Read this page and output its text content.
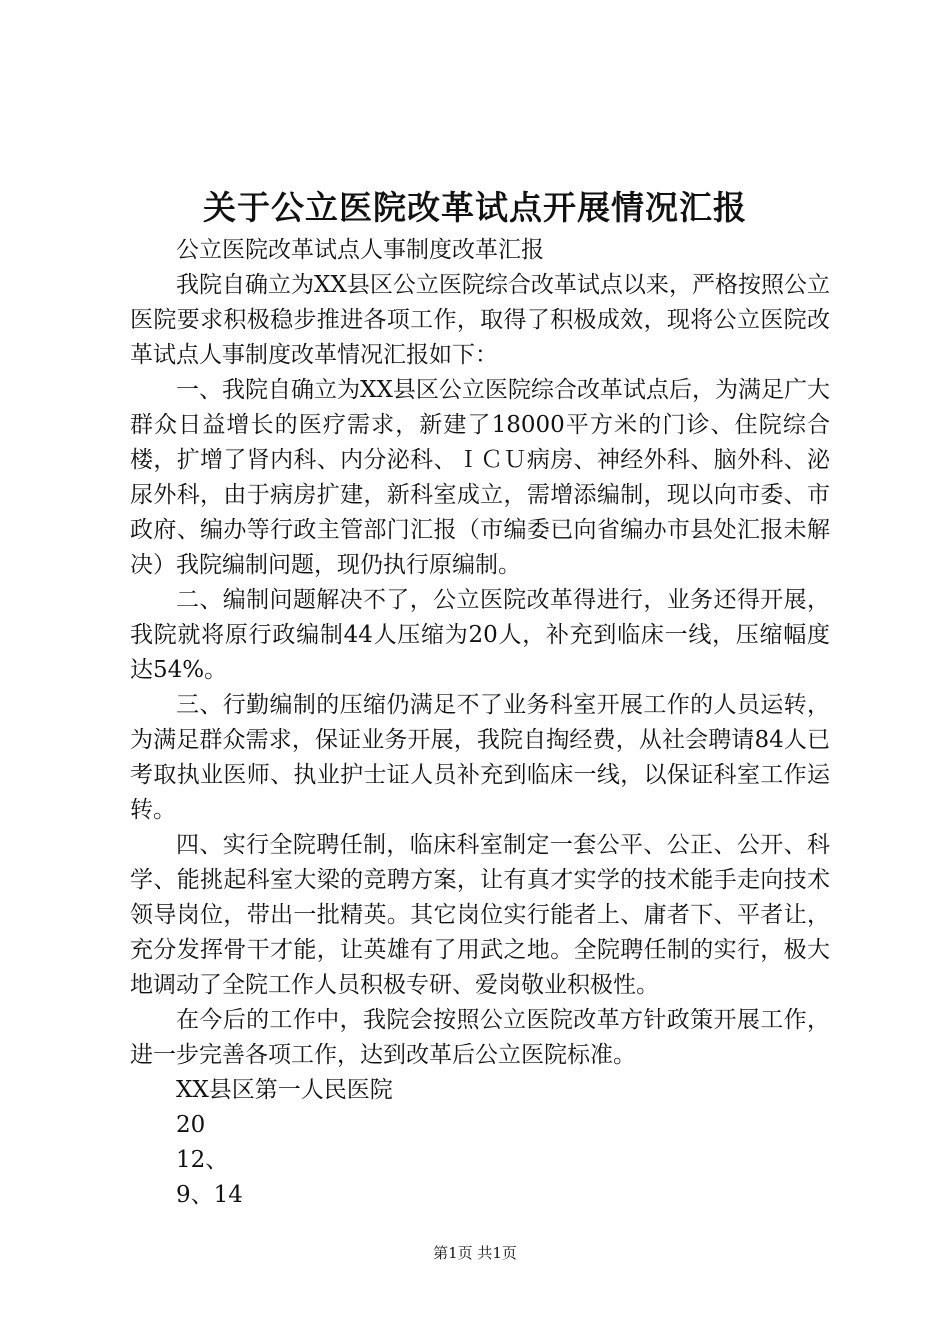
关于公立医院改革试点开展情况汇报
公立医院改革试点人事制度改革汇报

我院自确立为XX县区公立医院综合改革试点以来，严格按照公立医院要求积极稳步推进各项工作，取得了积极成效，现将公立医院改革试点人事制度改革情况汇报如下：

一、我院自确立为XX县区公立医院综合改革试点后，为满足广大群众日益增长的医疗需求，新建了18000平方米的门诊、住院综合楼，扩增了肾内科、内分泌科、ＩＣＵ病房、神经外科、脑外科、泌尿外科，由于病房扩建，新科室成立，需增添编制，现以向市委、市政府、编办等行政主管部门汇报（市编委已向省编办市县处汇报未解决）我院编制问题，现仍执行原编制。

二、编制问题解决不了，公立医院改革得进行，业务还得开展，我院就将原行政编制44人压缩为20人，补充到临床一线，压缩幅度达54%。

三、行勤编制的压缩仍满足不了业务科室开展工作的人员运转，为满足群众需求，保证业务开展，我院自掏经费，从社会聘请84人已考取执业医师、执业护士证人员补充到临床一线，以保证科室工作运转。

四、实行全院聘任制，临床科室制定一套公平、公正、公开、科学、能挑起科室大梁的竞聘方案，让有真才实学的技术能手走向技术领导岗位，带出一批精英。其它岗位实行能者上、庸者下、平者让，充分发挥骨干才能，让英雄有了用武之地。全院聘任制的实行，极大地调动了全院工作人员积极专研、爱岗敬业积极性。

在今后的工作中，我院会按照公立医院改革方针政策开展工作，进一步完善各项工作，达到改革后公立医院标准。

XX县区第一人民医院
20
12、
9、14
第1页 共1页
